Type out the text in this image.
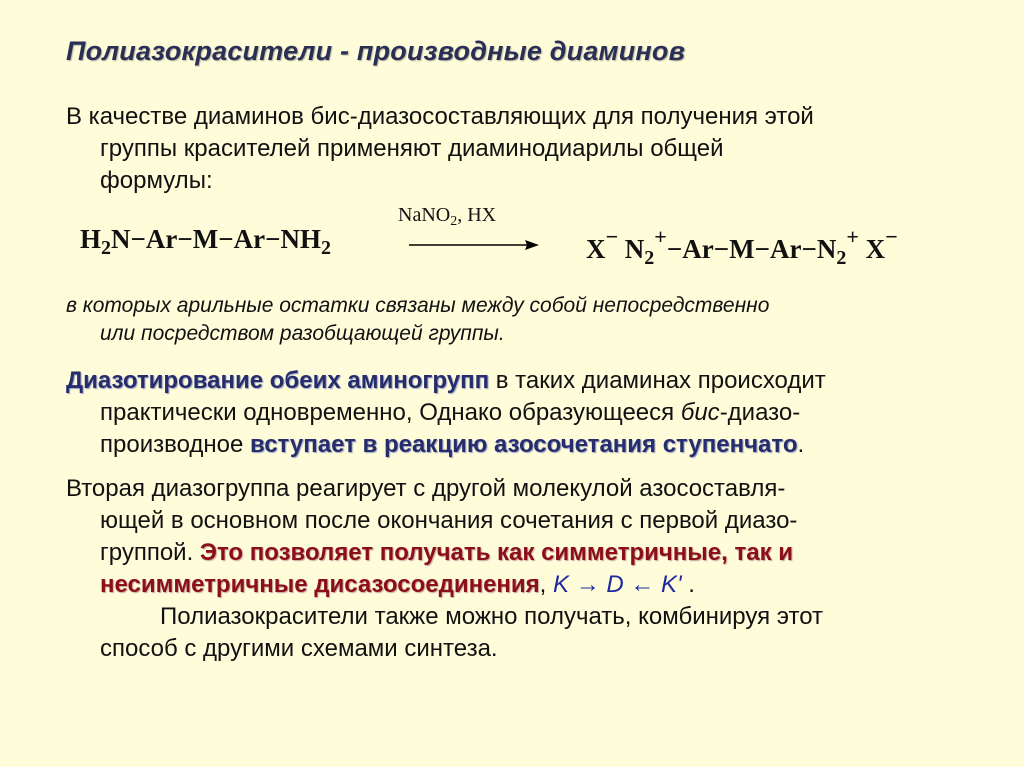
Полиазокрасители - производные диаминов
В качестве диаминов бис-диазосоставляющих для получения этой
группы красителей применяют диаминодиарилы общей
формулы:
$H_2N-Ar-M-Ar-NH_2$
NaNO$_2$, HX
X− $N_2^+-Ar-M-Ar-N_2^+$ X−
в которых арильные остатки связаны между собой непосредственно
или посредством разобщающей группы.
Диазотирование обеих аминогрупп в таких диаминах происходит
практически одновременно, Однако образующееся бис-диазо-
производное вступает в реакцию азосочетания ступенчато.
Вторая диазогруппа реагирует с другой молекулой азосоставля-
ющей в основном после окончания сочетания с первой диазо-
группой. Это позволяет получать как симметричные, так и
несимметричные дисазосоединения, K → D ← K' .
Полиазокрасители также можно получать, комбинируя этот
способ с другими схемами синтеза.
